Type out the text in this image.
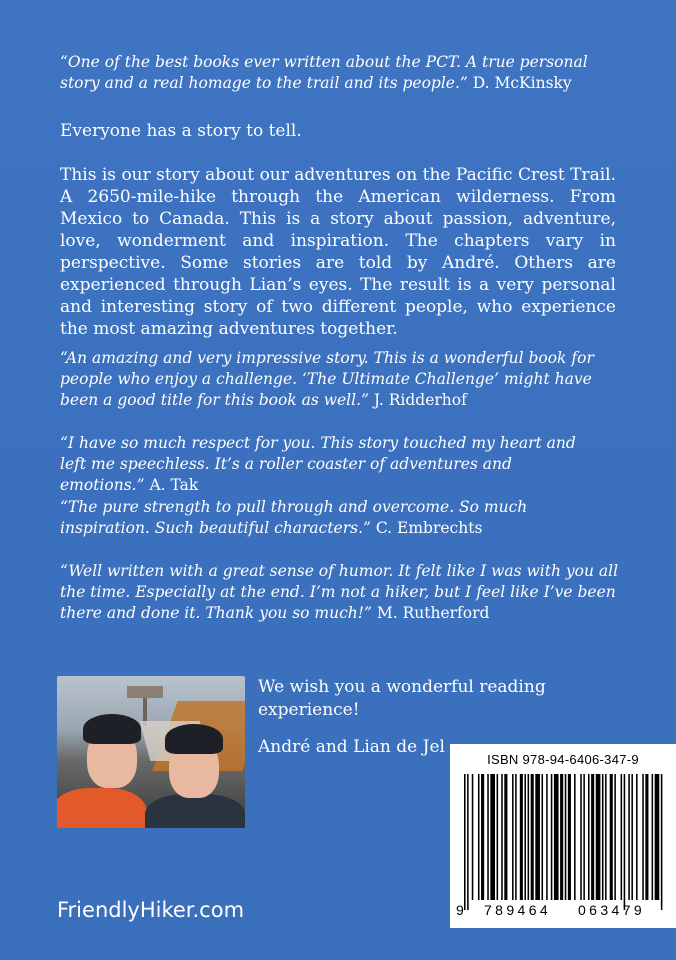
“One of the best books ever written about the PCT. A true personal story and a real homage to the trail and its people.” D. McKinsky
Everyone has a story to tell.
This is our story about our adventures on the Pacific Crest Trail. A 2650-mile-hike through the American wilderness. From Mexico to Canada. This is a story about passion, adventure, love, wonderment and inspiration. The chapters vary in perspective. Some stories are told by André. Others are experienced through Lian’s eyes. The result is a very personal and interesting story of two different people, who experience the most amazing adventures together.
“An amazing and very impressive story. This is a wonderful book for people who enjoy a challenge. ‘The Ultimate Challenge’ might have been a good title for this book as well.” J. Ridderhof
“I have so much respect for you. This story touched my heart and left me speechless. It’s a roller coaster of adventures and emotions.” A. Tak
“The pure strength to pull through and overcome. So much inspiration. Such beautiful characters.” C. Embrechts
“Well written with a great sense of humor. It felt like I was with you all the time. Especially at the end. I’m not a hiker, but I feel like I’ve been there and done it. Thank you so much!” M. Rutherford
We wish you a wonderful reading experience!
André and Lian de Jel
FriendlyHiker.com
ISBN 978-94-6406-347-9
9 789464 063479
